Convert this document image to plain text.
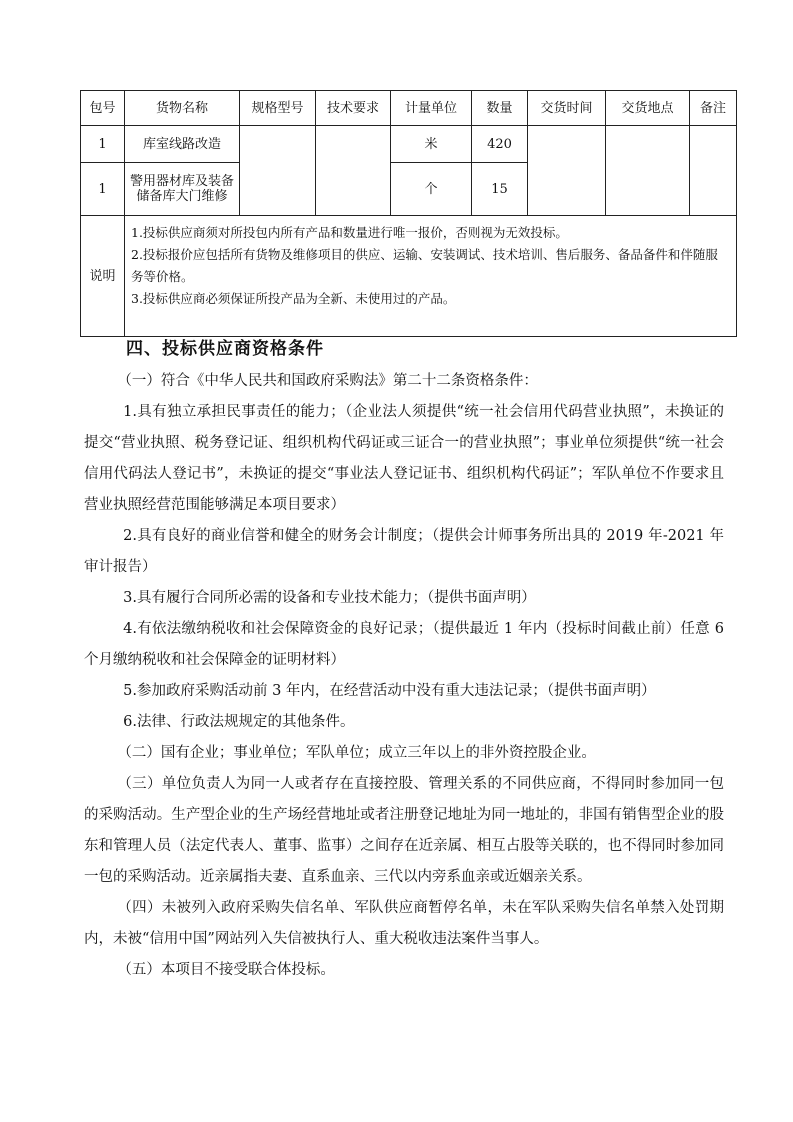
包号	货物名称	规格型号	技术要求	计量单位	数量	交货时间	交货地点	备注
1	库室线路改造			米	420			
1	警用器材库及装备储备库大门维修			个	15			
说明	1.投标供应商须对所投包内所有产品和数量进行唯一报价，否则视为无效投标。

2.投标报价应包括所有货物及维修项目的供应、运输、安装调试、技术培训、售后服务、备品备件和伴随服务等价格。

3.投标供应商必须保证所投产品为全新、未使用过的产品。							

四、投标供应商资格条件

（一）符合《中华人民共和国政府采购法》第二十二条资格条件：

1.具有独立承担民事责任的能力；（企业法人须提供“统一社会信用代码营业执照”，未换证的提交“营业执照、税务登记证、组织机构代码证或三证合一的营业执照”；事业单位须提供“统一社会信用代码法人登记书”，未换证的提交“事业法人登记证书、组织机构代码证”；军队单位不作要求且营业执照经营范围能够满足本项目要求）

2.具有良好的商业信誉和健全的财务会计制度；（提供会计师事务所出具的 2019 年-2021 年审计报告）

3.具有履行合同所必需的设备和专业技术能力；（提供书面声明）

4.有依法缴纳税收和社会保障资金的良好记录；（提供最近 1 年内（投标时间截止前）任意 6 个月缴纳税收和社会保障金的证明材料）

5.参加政府采购活动前 3 年内，在经营活动中没有重大违法记录；（提供书面声明）

6.法律、行政法规规定的其他条件。

（二）国有企业；事业单位；军队单位；成立三年以上的非外资控股企业。

（三）单位负责人为同一人或者存在直接控股、管理关系的不同供应商，不得同时参加同一包的采购活动。生产型企业的生产场经营地址或者注册登记地址为同一地址的，非国有销售型企业的股东和管理人员（法定代表人、董事、监事）之间存在近亲属、相互占股等关联的，也不得同时参加同一包的采购活动。近亲属指夫妻、直系血亲、三代以内旁系血亲或近姻亲关系。

（四）未被列入政府采购失信名单、军队供应商暂停名单，未在军队采购失信名单禁入处罚期内，未被“信用中国”网站列入失信被执行人、重大税收违法案件当事人。

（五）本项目不接受联合体投标。
